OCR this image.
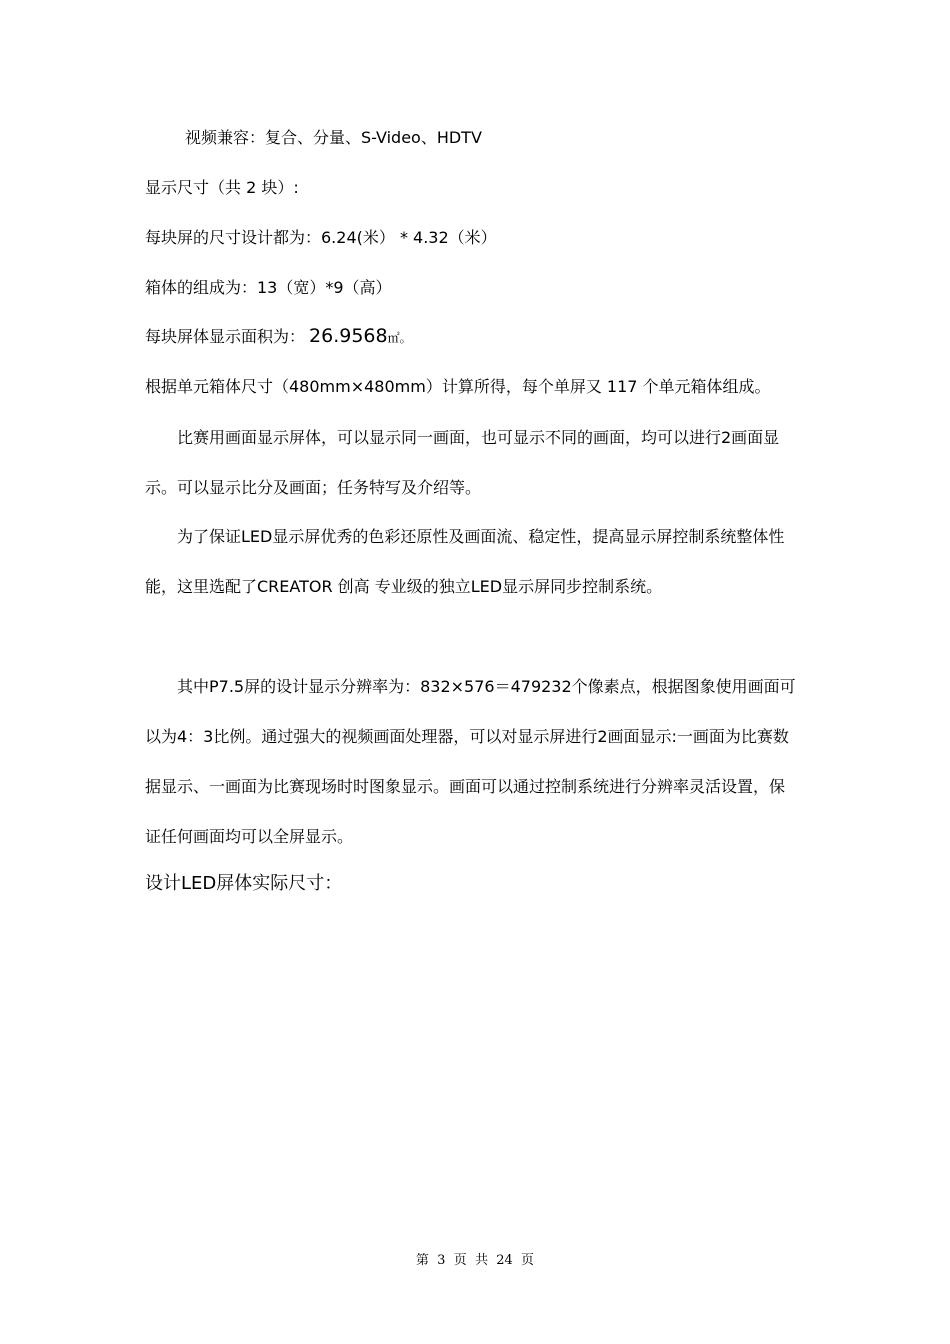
视频兼容：复合、分量、S-Video、HDTV
显示尺寸（共 2 块）:
每块屏的尺寸设计都为：6.24(米） * 4.32（米）
箱体的组成为：13（宽）*9（高）
每块屏体显示面积为： 26.9568㎡。
根据单元箱体尺寸（480mm×480mm）计算所得，每个单屏又 117 个单元箱体组成。
比赛用画面显示屏体，可以显示同一画面，也可显示不同的画面，均可以进行2画面显
示。可以显示比分及画面；任务特写及介绍等。
为了保证LED显示屏优秀的色彩还原性及画面流、稳定性，提高显示屏控制系统整体性
能，这里选配了CREATOR 创高 专业级的独立LED显示屏同步控制系统。
其中P7.5屏的设计显示分辨率为：832×576＝479232个像素点，根据图象使用画面可
以为4：3比例。通过强大的视频画面处理器，可以对显示屏进行2画面显示:一画面为比赛数
据显示、一画面为比赛现场时时图象显示。画面可以通过控制系统进行分辨率灵活设置，保
证任何画面均可以全屏显示。
设计LED屏体实际尺寸：
第  3  页  共  24  页
